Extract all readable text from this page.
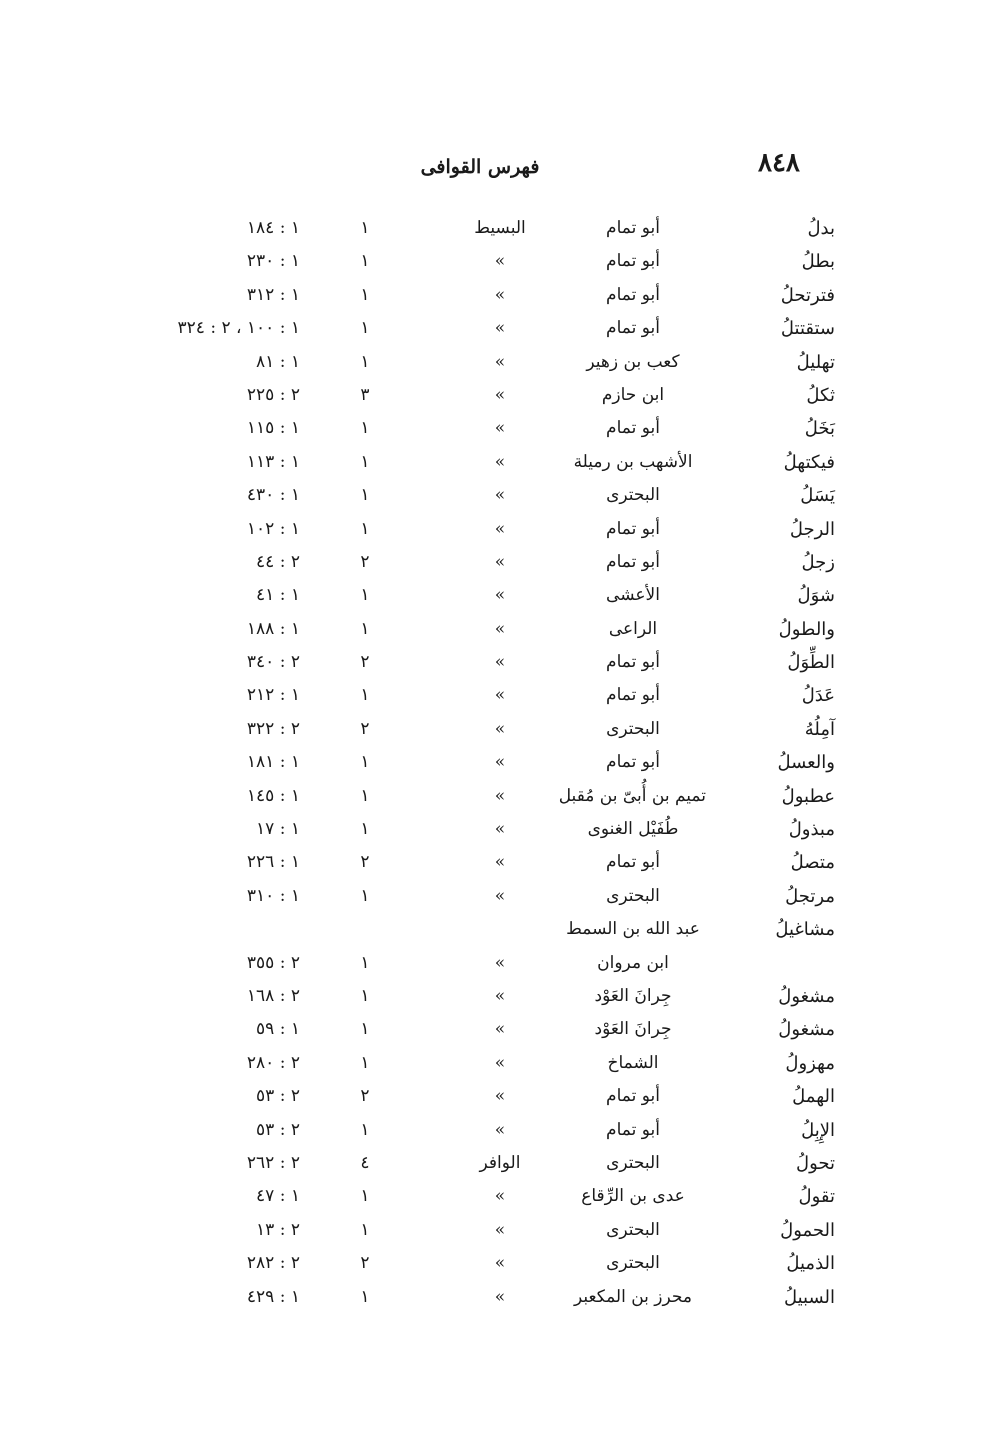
٨٤٨
فهرس القوافى
بدلُ
أبو تمام
البسيط
١
١ : ١٨٤
بطلُ
أبو تمام
»
١
١ : ٢٣٠
فترتحلُ
أبو تمام
»
١
١ : ٣١٢
ستقتتلُ
أبو تمام
»
١
١ : ١٠٠ ، ٢ : ٣٢٤
تهليلُ
كعب بن زهير
»
١
١ : ٨١
ثكلُ
ابن حازم
»
٣
٢ : ٢٢٥
بَخَلُ
أبو تمام
»
١
١ : ١١٥
فيكتهلُ
الأشهب بن رميلة
»
١
١ : ١١٣
يَسَلُ
البحترى
»
١
١ : ٤٣٠
الرجلُ
أبو تمام
»
١
١ : ١٠٢
زجلُ
أبو تمام
»
٢
٢ : ٤٤
شوَلُ
الأعشى
»
١
١ : ٤١
والطولُ
الراعى
»
١
١ : ١٨٨
الطِّوَلُ
أبو تمام
»
٢
٢ : ٣٤٠
عَدَلُ
أبو تمام
»
١
١ : ٢١٢
آمِلُهُ
البحترى
»
٢
٢ : ٣٢٢
والعسلُ
أبو تمام
»
١
١ : ١٨١
عطبولُ
تميم بن أُبىّ بن مُقبل
»
١
١ : ١٤٥
مبذولُ
طُفَيْل الغنوى
»
١
١ : ١٧
متصلُ
أبو تمام
»
٢
١ : ٢٢٦
مرتجلُ
البحترى
»
١
١ : ٣١٠
مشاغيلُ
عبد الله بن السمط
ابن مروان
»
١
٢ : ٣٥٥
مشغولُ
جِرانَ العَوْد
»
١
٢ : ١٦٨
مشغولُ
جِرانَ العَوْد
»
١
١ : ٥٩
مهزولُ
الشماخ
»
١
٢ : ٢٨٠
الهملُ
أبو تمام
»
٢
٢ : ٥٣
الإِبِلُ
أبو تمام
»
١
٢ : ٥٣
تحولُ
البحترى
الوافر
٤
٢ : ٢٦٢
تقولُ
عدى بن الرِّقاع
»
١
١ : ٤٧
الحمولُ
البحترى
»
١
٢ : ١٣
الذميلُ
البحترى
»
٢
٢ : ٢٨٢
السبيلُ
محرز بن المكعبر
»
١
١ : ٤٢٩
